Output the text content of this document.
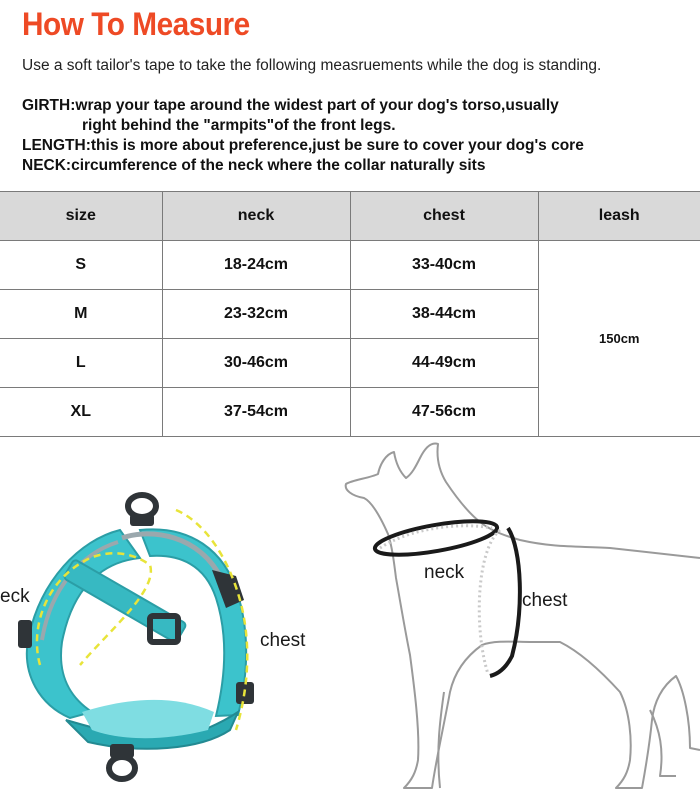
How To Measure

Use a soft tailor's tape to take the following measruements while the dog is standing.

GIRTH:wrap your tape around the widest part of your dog's torso,usually
right behind the "armpits"of the front legs.
LENGTH:this is more about preference,just be sure to cover your dog's core
NECK:circumference of the neck where the collar naturally sits
size	neck	chest	leash
S	18-24cm	33-40cm	150cm
M	23-32cm	38-44cm	
L	30-46cm	44-49cm	
XL	37-54cm	47-56cm	
eck
chest
neck
chest
